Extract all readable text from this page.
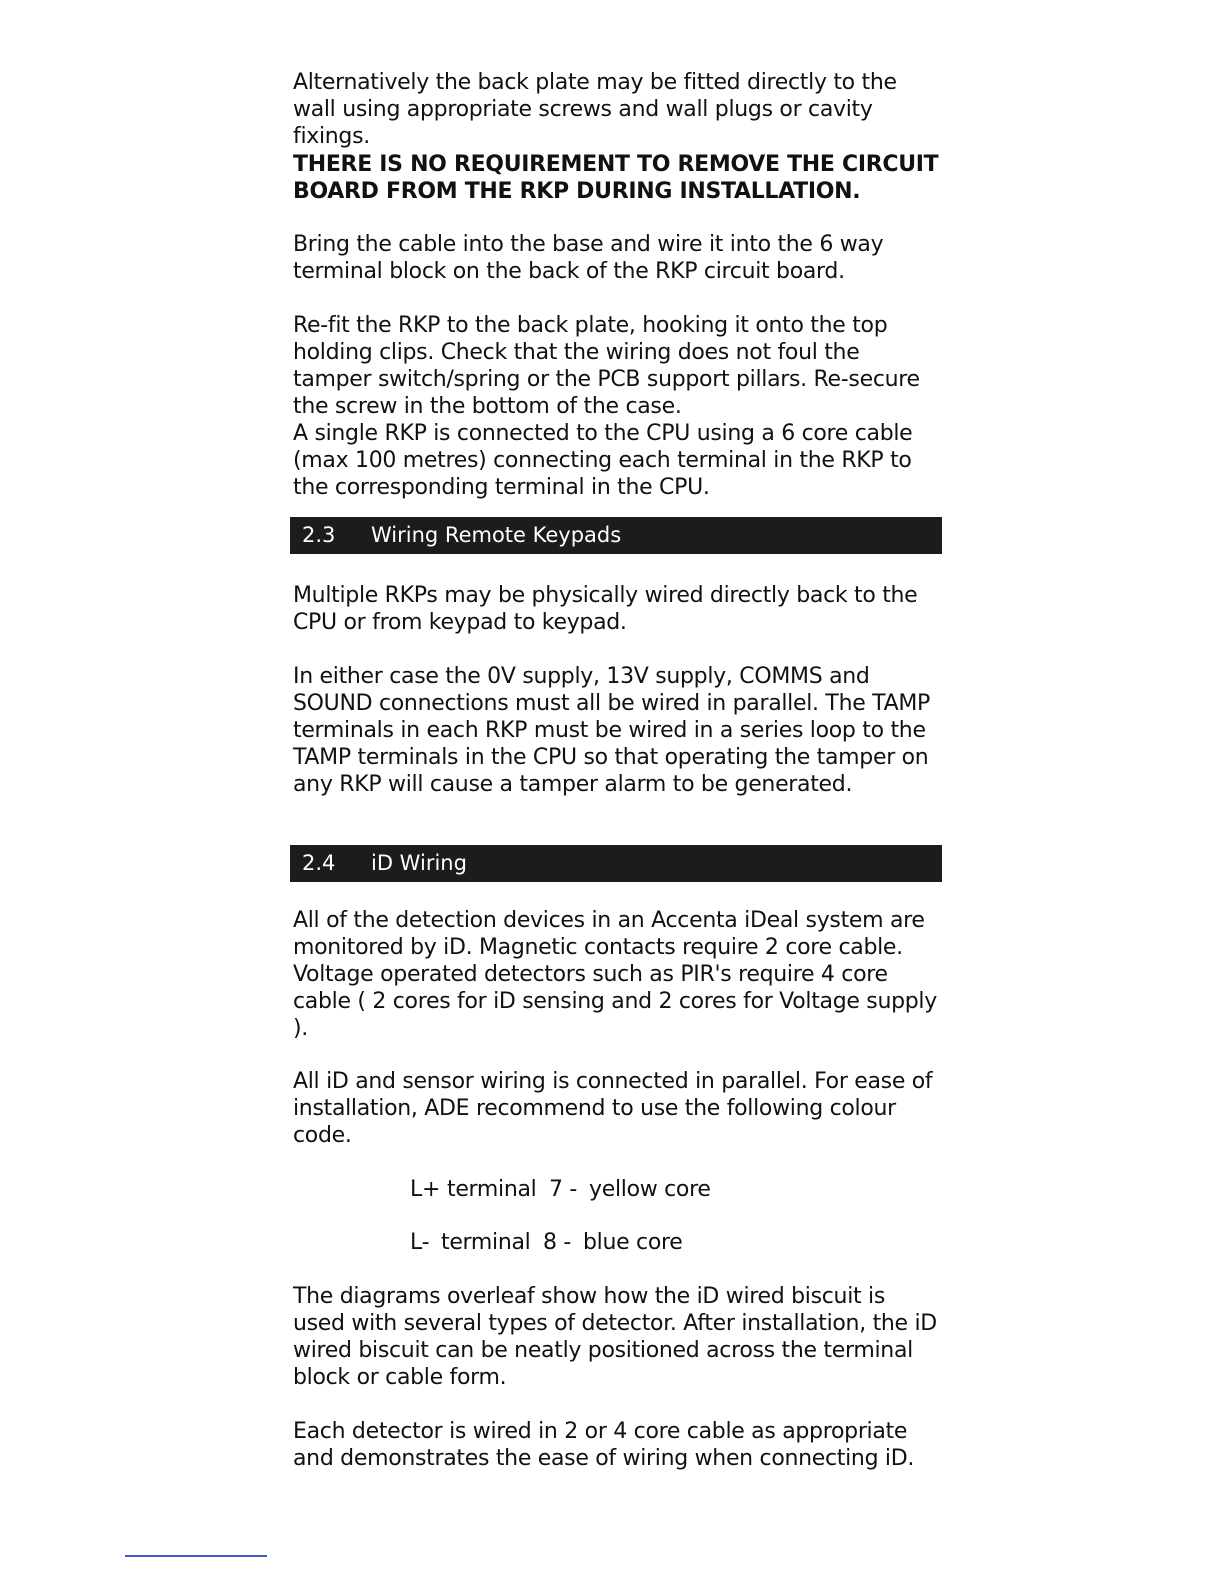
Alternatively the back plate may be fitted directly to the wall using appropriate screws and wall plugs or cavity fixings.

THERE IS NO REQUIREMENT TO REMOVE THE CIRCUIT BOARD FROM THE RKP DURING INSTALLATION.

Bring the cable into the base and wire it into the 6 way terminal block on the back of the RKP circuit board.

Re-fit the RKP to the back plate, hooking it onto the top holding clips. Check that the wiring does not foul the tamper switch/spring or the PCB support pillars. Re-secure the screw in the bottom of the case.

A single RKP is connected to the CPU using a 6 core cable (max 100 metres) connecting each terminal in the RKP to the corresponding terminal in the CPU.

2.3 Wiring Remote Keypads

Multiple RKPs may be physically wired directly back to the CPU or from keypad to keypad.

In either case the 0V supply, 13V supply, COMMS and SOUND connections must all be wired in parallel. The TAMP terminals in each RKP must be wired in a series loop to the TAMP terminals in the CPU so that operating the tamper on any RKP will cause a tamper alarm to be generated.

2.4 iD Wiring

All of the detection devices in an Accenta iDeal system are monitored by iD. Magnetic contacts require 2 core cable. Voltage operated detectors such as PIR's require 4 core cable ( 2 cores for iD sensing and 2 cores for Voltage supply ).

All iD and sensor wiring is connected in parallel. For ease of installation, ADE recommend to use the following colour code.

L+ terminal 7 - yellow core
L- terminal 8 - blue core

The diagrams overleaf show how the iD wired biscuit is used with several types of detector. After installation, the iD wired biscuit can be neatly positioned across the terminal block or cable form.

Each detector is wired in 2 or 4 core cable as appropriate and demonstrates the ease of wiring when connecting iD.
